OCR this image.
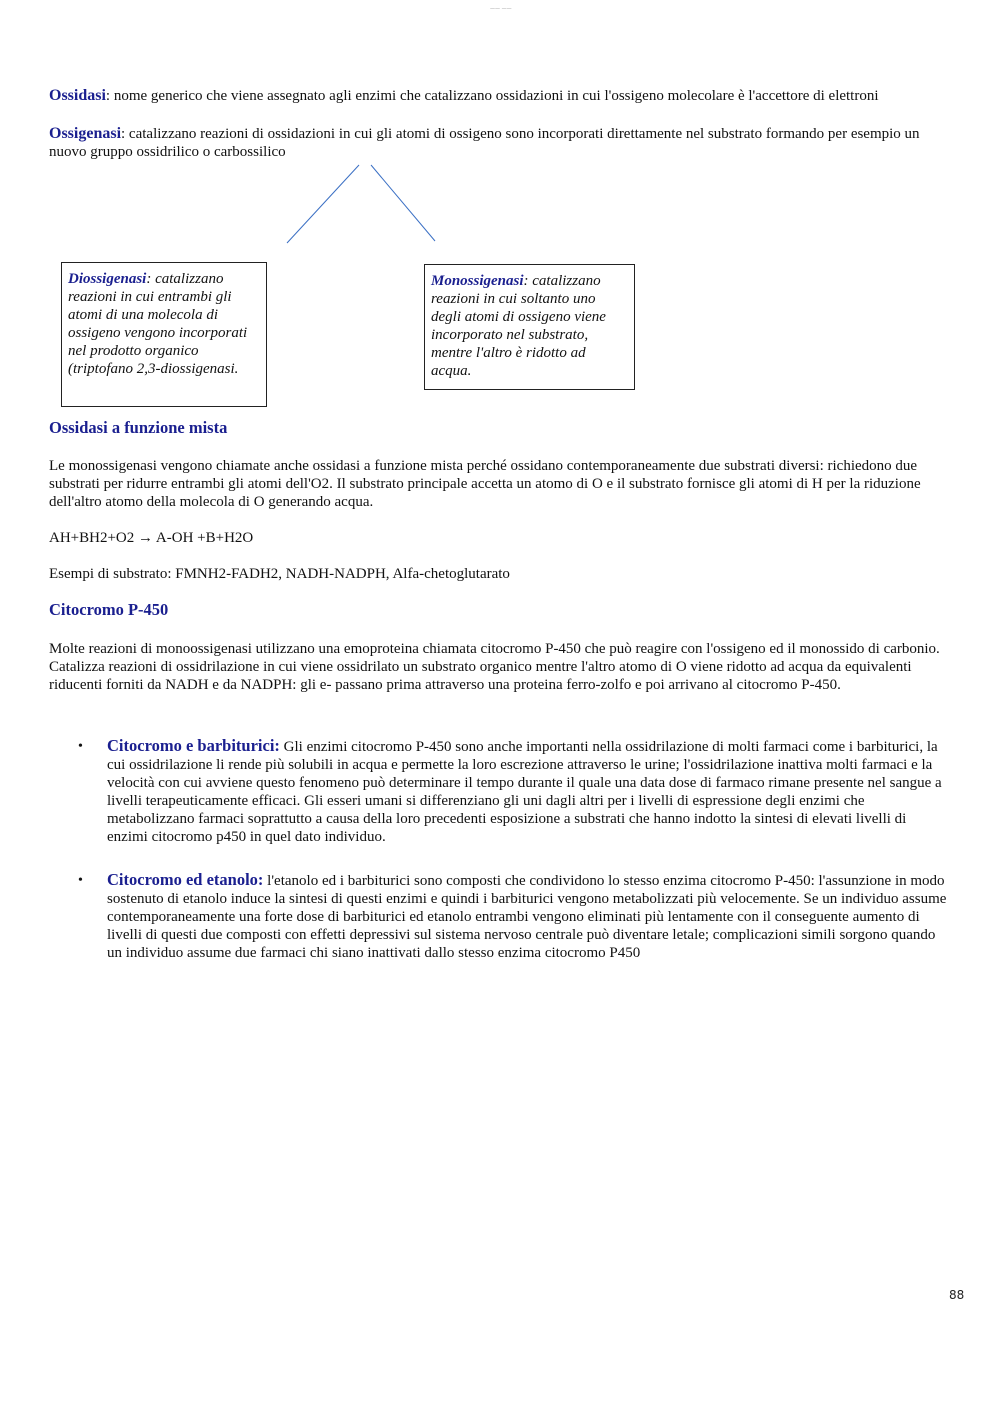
—— ——

Ossidasi: nome generico che viene assegnato agli enzimi che catalizzano ossidazioni in cui l'ossigeno molecolare è l'accettore di elettroni

Ossigenasi: catalizzano reazioni di ossidazioni in cui gli atomi di ossigeno sono incorporati direttamente nel substrato formando per esempio un nuovo gruppo ossidrilico o carbossilico

Diossigenasi: catalizzano reazioni in cui entrambi gli atomi di una molecola di ossigeno vengono incorporati nel prodotto organico (triptofano 2,3-diossigenasi.
Monossigenasi: catalizzano reazioni in cui soltanto uno degli atomi di ossigeno viene incorporato nel substrato, mentre l'altro è ridotto ad acqua.
Ossidasi a funzione mista

Le monossigenasi vengono chiamate anche ossidasi a funzione mista perché ossidano contemporaneamente due substrati diversi: richiedono due substrati per ridurre entrambi gli atomi dell'O2. Il substrato principale accetta un atomo di O e il substrato fornisce gli atomi di H per la riduzione dell'altro atomo della molecola di O generando acqua.

AH+BH2+O2 → A-OH +B+H2O

Esempi di substrato: FMNH2-FADH2, NADH-NADPH, Alfa-chetoglutarato

Citocromo P-450

Molte reazioni di monoossigenasi utilizzano una emoproteina chiamata citocromo P-450 che può reagire con l'ossigeno ed il monossido di carbonio. Catalizza reazioni di ossidrilazione in cui viene ossidrilato un substrato organico mentre l'altro atomo di O viene ridotto ad acqua da equivalenti riducenti forniti da NADH e da NADPH: gli e- passano prima attraverso una proteina ferro-zolfo e poi arrivano al citocromo P-450.

• Citocromo e barbiturici: Gli enzimi citocromo P-450 sono anche importanti nella ossidrilazione di molti farmaci come i barbiturici, la cui ossidrilazione li rende più solubili in acqua e permette la loro escrezione attraverso le urine; l'ossidrilazione inattiva molti farmaci e la velocità con cui avviene questo fenomeno può determinare il tempo durante il quale una data dose di farmaco rimane presente nel sangue a livelli terapeuticamente efficaci. Gli esseri umani si differenziano gli uni dagli altri per i livelli di espressione degli enzimi che metabolizzano farmaci soprattutto a causa della loro precedenti esposizione a substrati che hanno indotto la sintesi di elevati livelli di enzimi citocromo p450 in quel dato individuo.

• Citocromo ed etanolo: l'etanolo ed i barbiturici sono composti che condividono lo stesso enzima citocromo P-450: l'assunzione in modo sostenuto di etanolo induce la sintesi di questi enzimi e quindi i barbiturici vengono metabolizzati più velocemente. Se un individuo assume contemporaneamente una forte dose di barbiturici ed etanolo entrambi vengono eliminati più lentamente con il conseguente aumento di livelli di questi due composti con effetti depressivi sul sistema nervoso centrale può diventare letale; complicazioni simili sorgono quando un individuo assume due farmaci chi siano inattivati dallo stesso enzima citocromo P450

88
